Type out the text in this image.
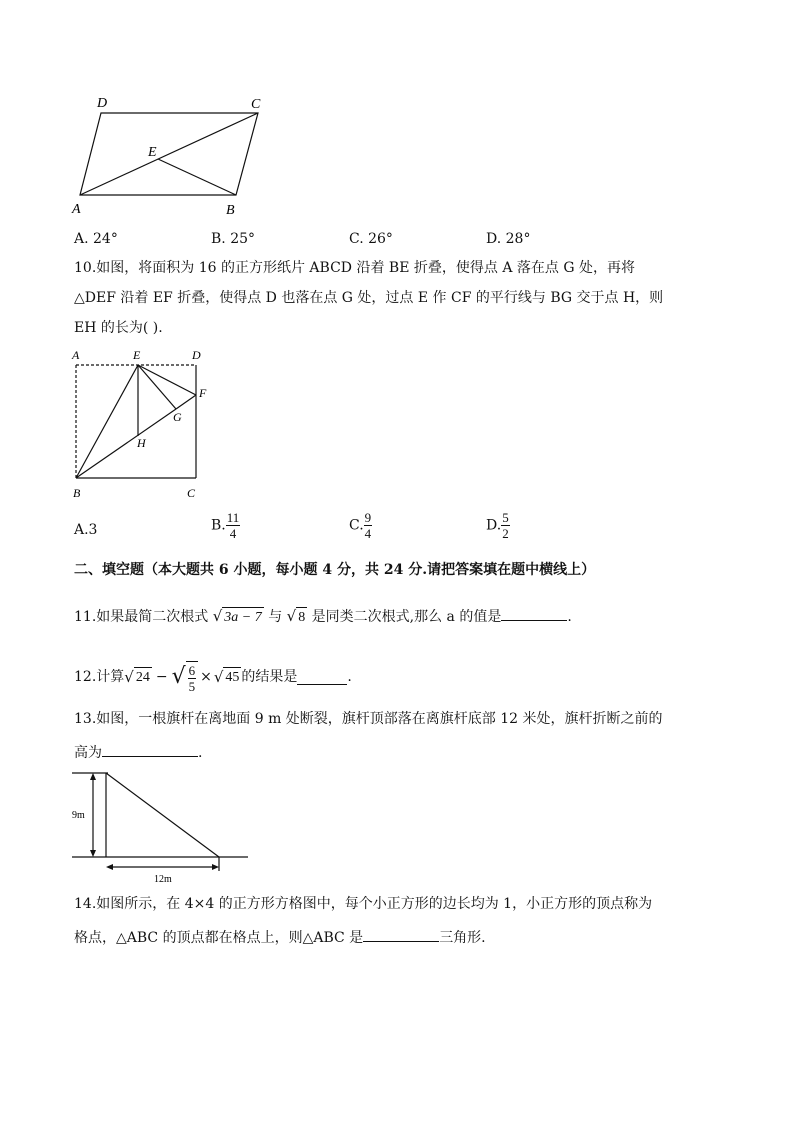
D	C
E
A	B
A. 24°	B. 25°	C. 26°	D. 28°
10.如图，将面积为 16 的正方形纸片 ABCD 沿着 BE 折叠，使得点 A 落在点 G 处，再将
△DEF 沿着 EF 折叠，使得点 D 也落在点 G 处，过点 E 作 CF 的平行线与 BG 交于点 H，则
EH 的长为( ).
A	E	D
F
G
H
B	C
A.3	B. $\frac{11}{4}$	C. $\frac{9}{4}$	D. $\frac{5}{2}$
二、填空题（本大题共 6 小题，每小题 4 分，共 24 分.请把答案填在题中横线上）
11.如果最简二次根式 √ 3a − 7 与 √ 8 是同类二次根式,那么 a 的值是	.
12.计算 √ 24 − √ $\frac{6}{5}$ × √ 45 的结果是	.
13.如图，一根旗杆在离地面 9 m 处断裂，旗杆顶部落在离旗杆底部 12 米处，旗杆折断之前的
高为	.
9m
12m
14.如图所示，在 4×4 的正方形方格图中，每个小正方形的边长均为 1，小正方形的顶点称为
格点，△ABC 的顶点都在格点上，则△ABC 是	三角形.
